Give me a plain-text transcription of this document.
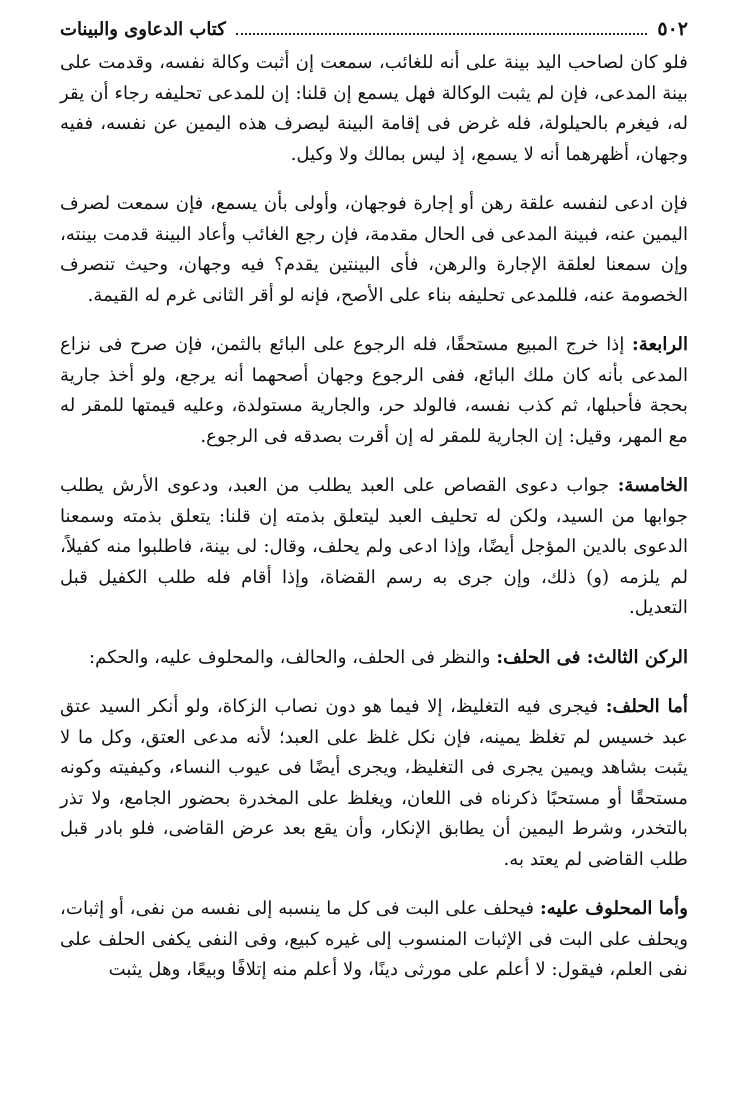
٥٠٢
كتاب الدعاوى والبينات

فلو كان لصاحب اليد بينة على أنه للغائب، سمعت إن أثبت وكالة نفسه، وقدمت على بينة المدعى، فإن لم يثبت الوكالة فهل يسمع إن قلنا: إن للمدعى تحليفه رجاء أن يقر له، فيغرم بالحيلولة، فله غرض فى إقامة البينة ليصرف هذه اليمين عن نفسه، ففيه وجهان، أظهرهما أنه لا يسمع، إذ ليس بمالك ولا وكيل.

فإن ادعى لنفسه علقة رهن أو إجارة فوجهان، وأولى بأن يسمع، فإن سمعت لصرف اليمين عنه، فبينة المدعى فى الحال مقدمة، فإن رجع الغائب وأعاد البينة قدمت بينته، وإن سمعنا لعلقة الإجارة والرهن، فأى البينتين يقدم؟ فيه وجهان، وحيث تنصرف الخصومة عنه، فللمدعى تحليفه بناء على الأصح، فإنه لو أقر الثانى غرم له القيمة.

الرابعة: إذا خرج المبيع مستحقًا، فله الرجوع على البائع بالثمن، فإن صرح فى نزاع المدعى بأنه كان ملك البائع، ففى الرجوع وجهان أصحهما أنه يرجع، ولو أخذ جارية بحجة فأحبلها، ثم كذب نفسه، فالولد حر، والجارية مستولدة، وعليه قيمتها للمقر له مع المهر، وقيل: إن الجارية للمقر له إن أقرت بصدقه فى الرجوع.

الخامسة: جواب دعوى القصاص على العبد يطلب من العبد، ودعوى الأرش يطلب جوابها من السيد، ولكن له تحليف العبد ليتعلق بذمته إن قلنا: يتعلق بذمته وسمعنا الدعوى بالدين المؤجل أيضًا، وإذا ادعى ولم يحلف، وقال: لى بينة، فاطلبوا منه كفيلاً، لم يلزمه (و) ذلك، وإن جرى به رسم القضاة، وإذا أقام فله طلب الكفيل قبل التعديل.

الركن الثالث: فى الحلف: والنظر فى الحلف، والحالف، والمحلوف عليه، والحكم:

أما الحلف: فيجرى فيه التغليظ، إلا فيما هو دون نصاب الزكاة، ولو أنكر السيد عتق عبد خسيس لم تغلظ يمينه، فإن نكل غلظ على العبد؛ لأنه مدعى العتق، وكل ما لا يثبت بشاهد ويمين يجرى فى التغليظ، ويجرى أيضًا فى عيوب النساء، وكيفيته وكونه مستحقًا أو مستحبًا ذكرناه فى اللعان، ويغلظ على المخدرة بحضور الجامع، ولا تذر بالتخدر، وشرط اليمين أن يطابق الإنكار، وأن يقع بعد عرض القاضى، فلو بادر قبل طلب القاضى لم يعتد به.

وأما المحلوف عليه: فيحلف على البت فى كل ما ينسبه إلى نفسه من نفى، أو إثبات، ويحلف على البت فى الإثبات المنسوب إلى غيره كبيع، وفى النفى يكفى الحلف على نفى العلم، فيقول: لا أعلم على مورثى دينًا، ولا أعلم منه إتلافًا وبيعًا، وهل يثبت
